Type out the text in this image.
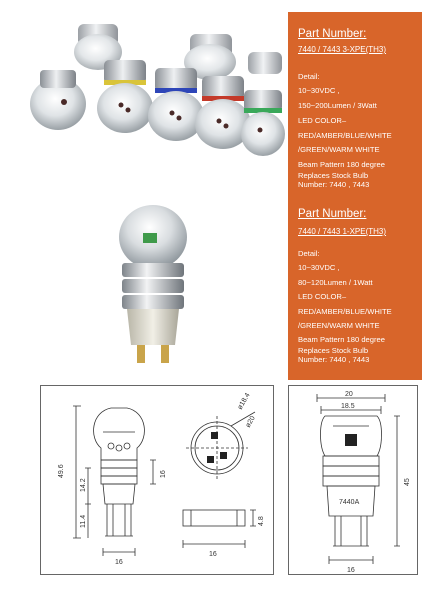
Part Number:
7440 / 7443 3-XPE(TH3)
Detail:
10~30VDC ,
150~200Lumen / 3Watt
LED COLOR–
RED/AMBER/BLUE/WHITE
/GREEN/WARM WHITE
Beam Pattern 180 degree
Replaces Stock Bulb
Number: 7440 , 7443
Part Number:
7440 / 7443 1-XPE(TH3)
Detail:
10~30VDC ,
80~120Lumen / 1Watt
LED COLOR–
RED/AMBER/BLUE/WHITE
/GREEN/WARM WHITE
Beam Pattern 180 degree
Replaces Stock Bulb
Number: 7440 , 7443
49.6
14.2
11.4
16
16
ø18.4
ø20
16
4.8
20
18.5
45
7440A
16
